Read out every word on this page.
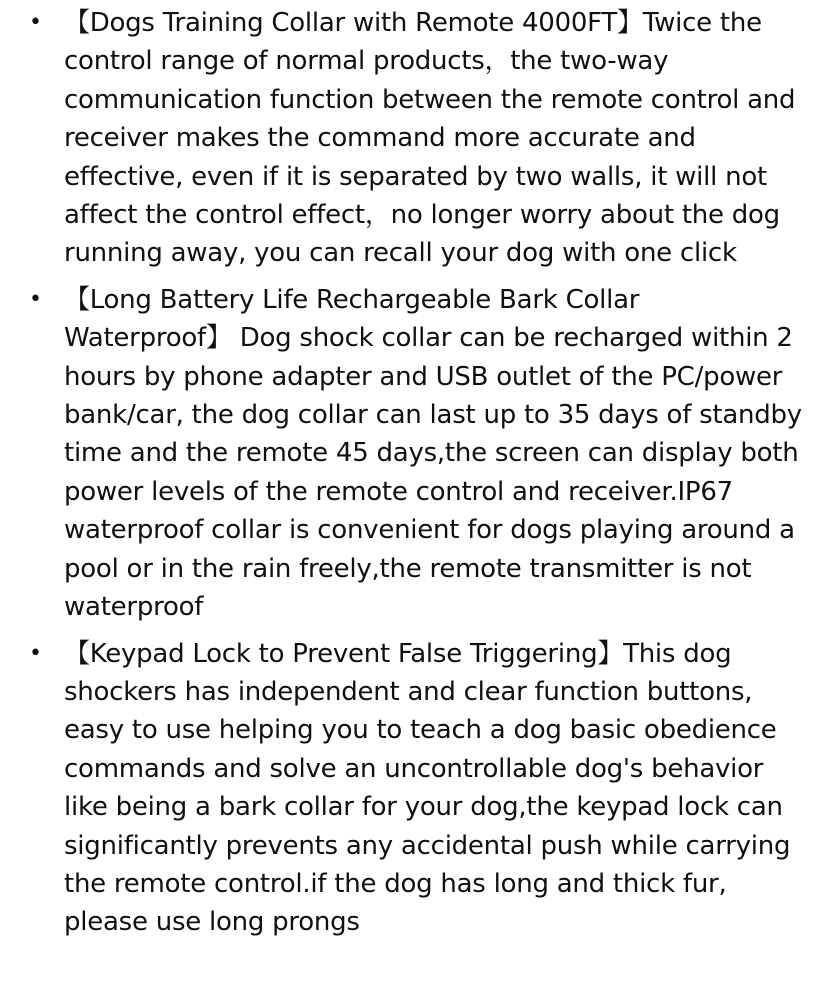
• 【Dogs Training Collar with Remote 4000FT】Twice the control range of normal products，the two-way communication function between the remote control and receiver makes the command more accurate and effective, even if it is separated by two walls, it will not affect the control effect，no longer worry about the dog running away, you can recall your dog with one click
• 【Long Battery Life Rechargeable Bark Collar Waterproof】 Dog shock collar can be recharged within 2 hours by phone adapter and USB outlet of the PC/power bank/car, the dog collar can last up to 35 days of standby time and the remote 45 days,the screen can display both power levels of the remote control and receiver.IP67 waterproof collar is convenient for dogs playing around a pool or in the rain freely,the remote transmitter is not waterproof
• 【Keypad Lock to Prevent False Triggering】This dog shockers has independent and clear function buttons, easy to use helping you to teach a dog basic obedience commands and solve an uncontrollable dog's behavior like being a bark collar for your dog,the keypad lock can significantly prevents any accidental push while carrying the remote control.if the dog has long and thick fur, please use long prongs
